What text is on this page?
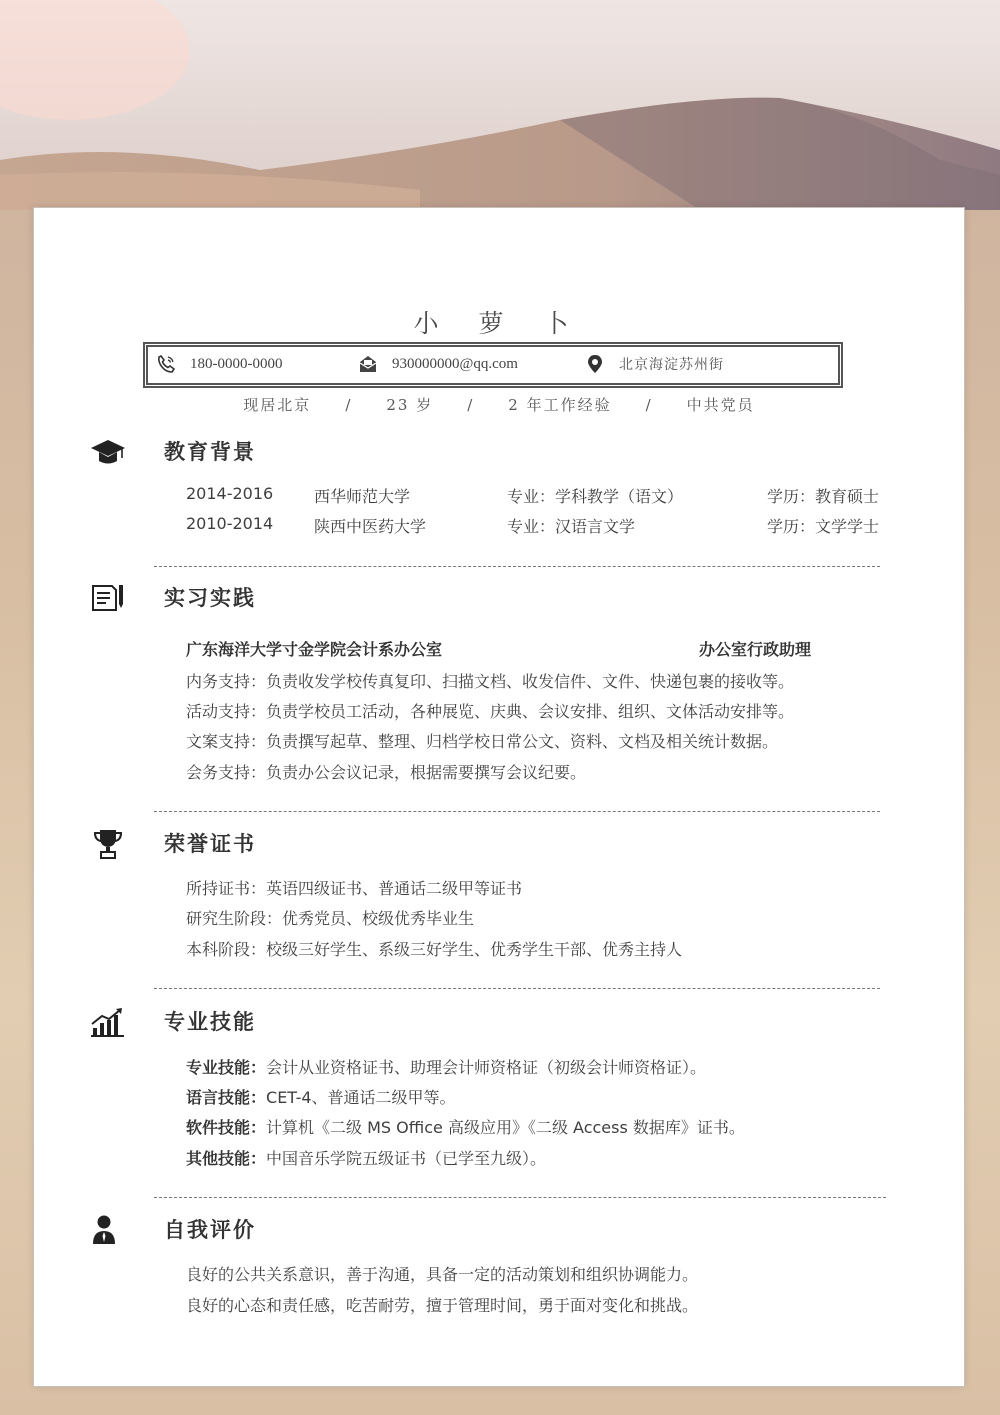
小 萝 卜
180-0000-0000	930000000@qq.com	北京海淀苏州街
现居北京 / 23 岁 / 2 年工作经验 / 中共党员
教育背景
2014-2016	西华师范大学	专业：学科教学（语文）	学历：教育硕士
2010-2014	陕西中医药大学	专业：汉语言文学	学历：文学学士
实习实践
广东海洋大学寸金学院会计系办公室	办公室行政助理
内务支持：负责收发学校传真复印、扫描文档、收发信件、文件、快递包裹的接收等。
活动支持：负责学校员工活动，各种展览、庆典、会议安排、组织、文体活动安排等。
文案支持：负责撰写起草、整理、归档学校日常公文、资料、文档及相关统计数据。
会务支持：负责办公会议记录，根据需要撰写会议纪要。
荣誉证书
所持证书：英语四级证书、普通话二级甲等证书
研究生阶段：优秀党员、校级优秀毕业生
本科阶段：校级三好学生、系级三好学生、优秀学生干部、优秀主持人
专业技能
专业技能：会计从业资格证书、助理会计师资格证（初级会计师资格证）。
语言技能：CET-4、普通话二级甲等。
软件技能：计算机《二级 MS Office 高级应用》《二级 Access 数据库》证书。
其他技能：中国音乐学院五级证书（已学至九级）。
自我评价
良好的公共关系意识，善于沟通，具备一定的活动策划和组织协调能力。
良好的心态和责任感，吃苦耐劳，擅于管理时间，勇于面对变化和挑战。
